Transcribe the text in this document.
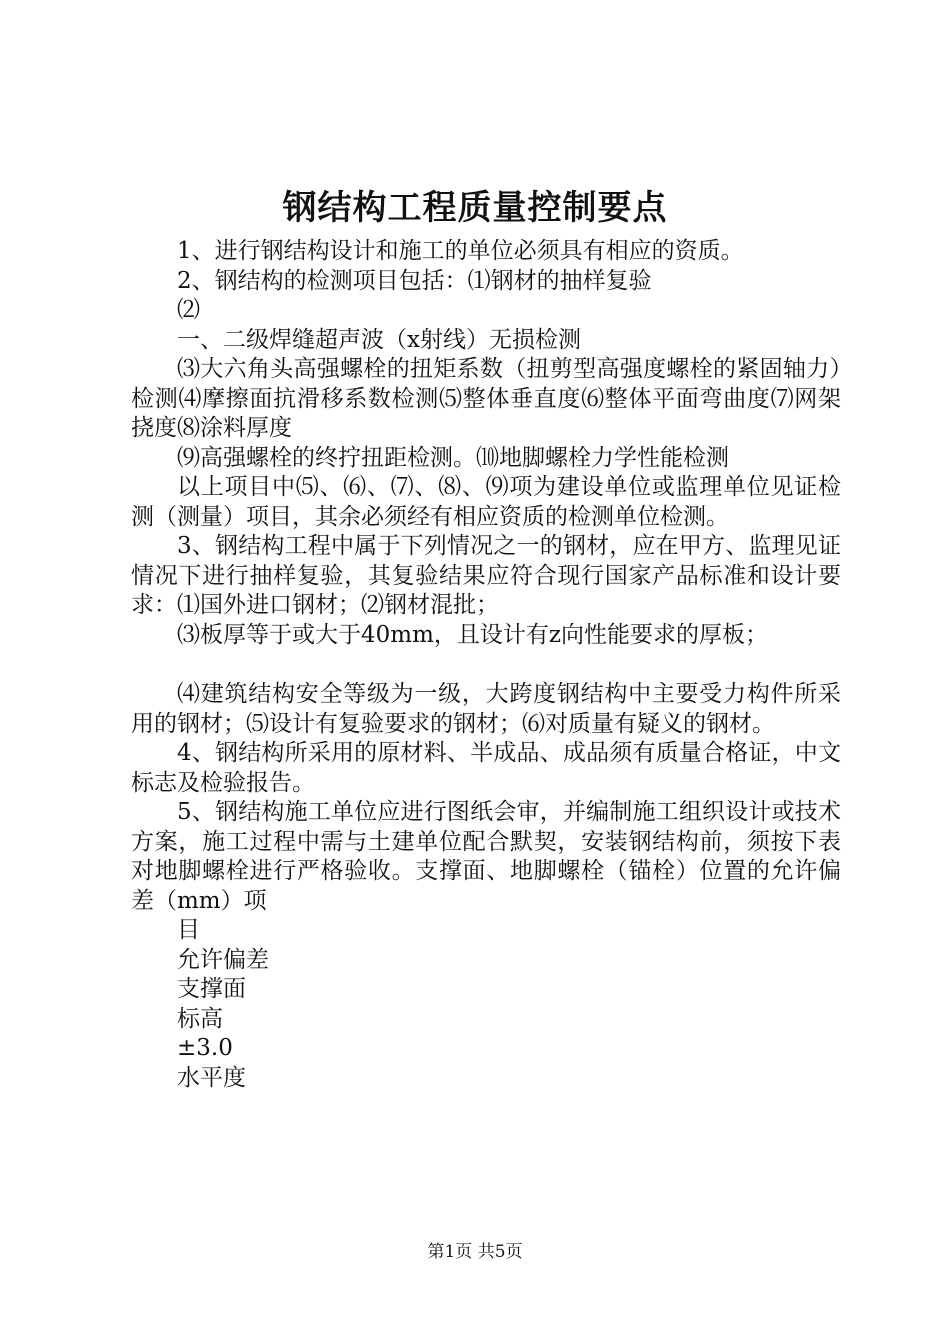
钢结构工程质量控制要点

1、进行钢结构设计和施工的单位必须具有相应的资质。

2、钢结构的检测项目包括：⑴钢材的抽样复验

⑵

一、二级焊缝超声波（x射线）无损检测

⑶大六角头高强螺栓的扭矩系数（扭剪型高强度螺栓的紧固轴力）检测⑷摩擦面抗滑移系数检测⑸整体垂直度⑹整体平面弯曲度⑺网架挠度⑻涂料厚度

⑼高强螺栓的终拧扭距检测。⑽地脚螺栓力学性能检测

以上项目中⑸、⑹、⑺、⑻、⑼项为建设单位或监理单位见证检测（测量）项目，其余必须经有相应资质的检测单位检测。

3、钢结构工程中属于下列情况之一的钢材，应在甲方、监理见证情况下进行抽样复验，其复验结果应符合现行国家产品标准和设计要求：⑴国外进口钢材；⑵钢材混批；

⑶板厚等于或大于40mm，且设计有z向性能要求的厚板；

⑷建筑结构安全等级为一级，大跨度钢结构中主要受力构件所采用的钢材；⑸设计有复验要求的钢材；⑹对质量有疑义的钢材。

4、钢结构所采用的原材料、半成品、成品须有质量合格证，中文标志及检验报告。

5、钢结构施工单位应进行图纸会审，并编制施工组织设计或技术方案，施工过程中需与土建单位配合默契，安装钢结构前，须按下表对地脚螺栓进行严格验收。支撑面、地脚螺栓（锚栓）位置的允许偏差（mm）项

目

允许偏差

支撑面

标高

±3.0

水平度

第1页 共5页
